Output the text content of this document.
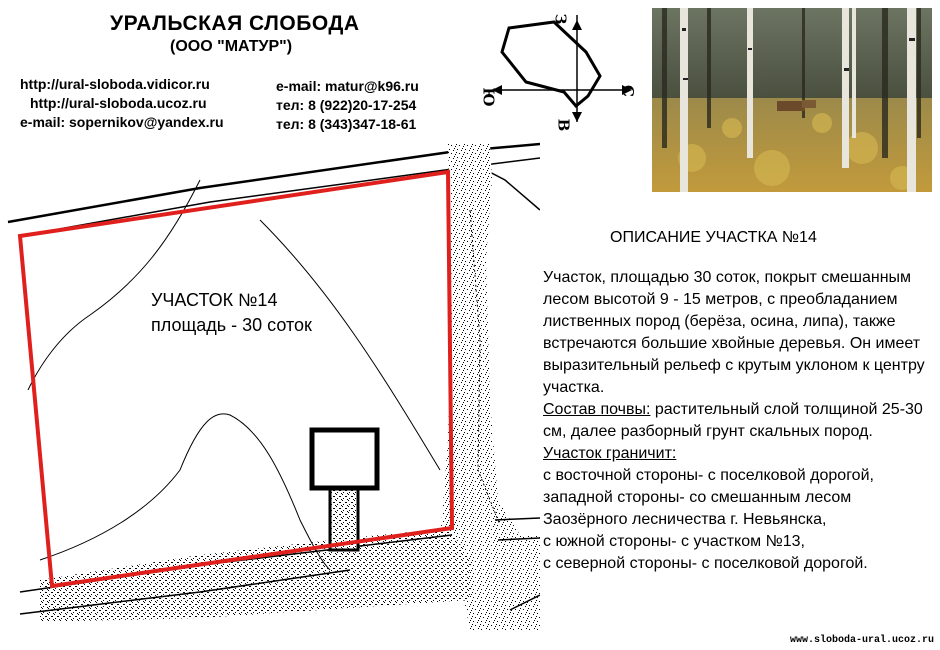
УРАЛЬСКАЯ СЛОБОДА
(ООО "МАТУР")
http://ural-sloboda.vidicor.ru
http://ural-sloboda.ucoz.ru
e-mail: sopernikov@yandex.ru
e-mail: matur@k96.ru
тел: 8 (922)20-17-254
тел: 8 (343)347-18-61
З
С
В
Ю
УЧАСТОК №14
площадь - 30 соток
ОПИСАНИЕ УЧАСТКА №14
Участок, площадью 30 соток, покрыт смешанным лесом высотой 9 - 15 метров, с преобладанием лиственных пород (берёза, осина, липа), также встречаются большие хвойные деревья. Он имеет выразительный рельеф с крутым уклоном к центру участка.
Состав почвы: растительный слой толщиной 25-30 см, далее разборный грунт скальных пород.
Участок граничит:
с восточной стороны- с поселковой дорогой,
западной стороны- со смешанным лесом
Заозёрного лесничества г. Невьянска,
с южной стороны- с участком №13,
с северной стороны- с поселковой дорогой.
www.sloboda-ural.ucoz.ru
